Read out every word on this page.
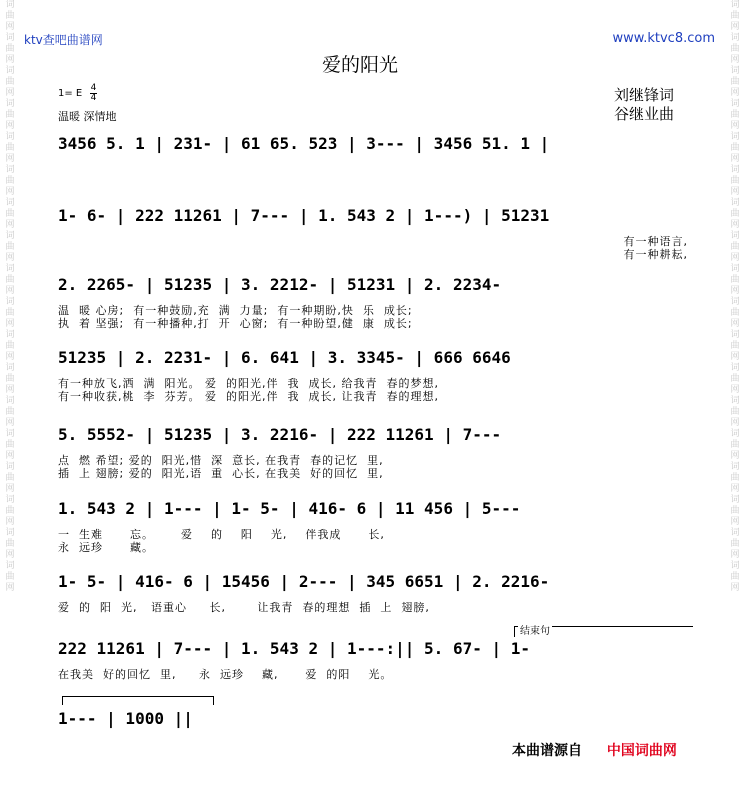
词
曲
网
词
曲
网
词
曲
网
词
曲
网
词
曲
网
词
曲
网
词
曲
网
词
曲
网
词
曲
网
词
曲
网
词
曲
网
词
曲
网
词
曲
网
词
曲
网
词
曲
网
词
曲
网
词
曲
网
词
曲
网
词
曲
网
词
曲
网
词
曲
网
词
曲
网
词
曲
网
词
曲
网
词
曲
网
词
曲
网
词
曲
网
词
曲
网
词
曲
网
词
曲
网
词
曲
网
词
曲
网
词
曲
网
词
曲
网
词
曲
网
词
曲
网
ktv查吧曲谱网	www.ktvc8.com
爱的阳光
1= E 4
4
温暖 深情地
刘继锋词
谷继业曲
3456 5. 1 | 231- | 61 65. 523 | 3--- | 3456 51. 1 |
1- 6- | 222 11261 | 7--- | 1. 543 2 | 1---) | 51231
有一种语言,
有一种耕耘,
2. 2265- | 51235 | 3. 2212- | 51231 | 2. 2234-
温  暖 心房;  有一种鼓励,充  满  力量;  有一种期盼,快  乐  成长;
执  着 坚强;  有一种播种,打  开  心窗;  有一种盼望,健  康  成长;
51235 | 2. 2231- | 6. 641 | 3. 3345- | 666 6646
有一种放飞,洒  满  阳光。 爱  的阳光,伴  我  成长, 给我青  春的梦想,
有一种收获,桃  李  芬芳。 爱  的阳光,伴  我  成长, 让我青  春的理想,
5. 5552- | 51235 | 3. 2216- | 222 11261 | 7---
点  燃 希望; 爱的  阳光,惜  深  意长, 在我青  春的记忆  里,
插  上 翅膀; 爱的  阳光,语  重  心长, 在我美  好的回忆  里,
1. 543 2 | 1--- | 1- 5- | 416- 6 | 11 456 | 5---
一  生难      忘。      爱    的    阳    光,    伴我成      长,
永  远珍      藏。
1- 5- | 416- 6 | 15456 | 2--- | 345 6651 | 2. 2216-
爱  的  阳  光,   语重心     长,       让我青  春的理想  插  上  翅膀,
结束句
222 11261 | 7--- | 1. 543 2 | 1---:|| 5. 67- | 1-
在我美  好的回忆  里,     永  远珍    藏,      爱  的阳    光。
1--- | 1000 ||
本曲谱源自 中国词曲网
